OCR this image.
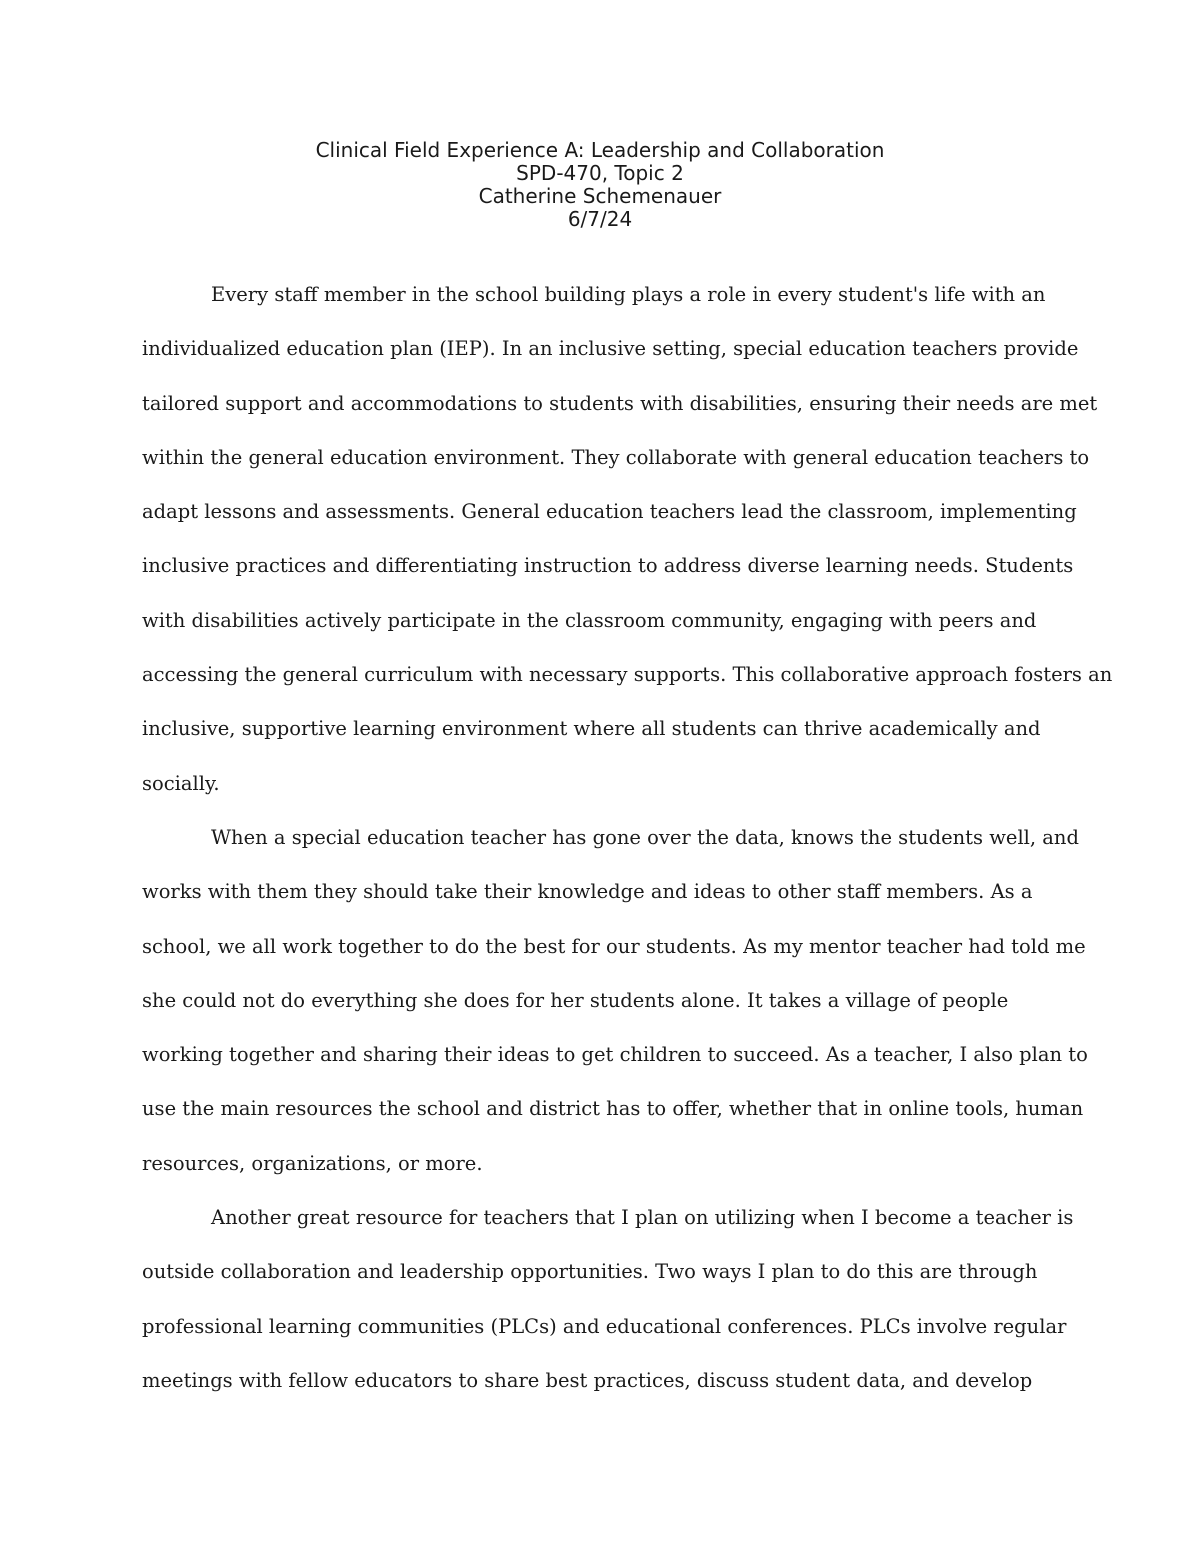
Clinical Field Experience A: Leadership and Collaboration
SPD-470, Topic 2
Catherine Schemenauer
6/7/24
Every staff member in the school building plays a role in every student's life with an
individualized education plan (IEP). In an inclusive setting, special education teachers provide
tailored support and accommodations to students with disabilities, ensuring their needs are met
within the general education environment. They collaborate with general education teachers to
adapt lessons and assessments. General education teachers lead the classroom, implementing
inclusive practices and differentiating instruction to address diverse learning needs. Students
with disabilities actively participate in the classroom community, engaging with peers and
accessing the general curriculum with necessary supports. This collaborative approach fosters an
inclusive, supportive learning environment where all students can thrive academically and
socially.
When a special education teacher has gone over the data, knows the students well, and
works with them they should take their knowledge and ideas to other staff members. As a
school, we all work together to do the best for our students. As my mentor teacher had told me
she could not do everything she does for her students alone. It takes a village of people
working together and sharing their ideas to get children to succeed. As a teacher, I also plan to
use the main resources the school and district has to offer, whether that in online tools, human
resources, organizations, or more.
Another great resource for teachers that I plan on utilizing when I become a teacher is
outside collaboration and leadership opportunities. Two ways I plan to do this are through
professional learning communities (PLCs) and educational conferences. PLCs involve regular
meetings with fellow educators to share best practices, discuss student data, and develop
